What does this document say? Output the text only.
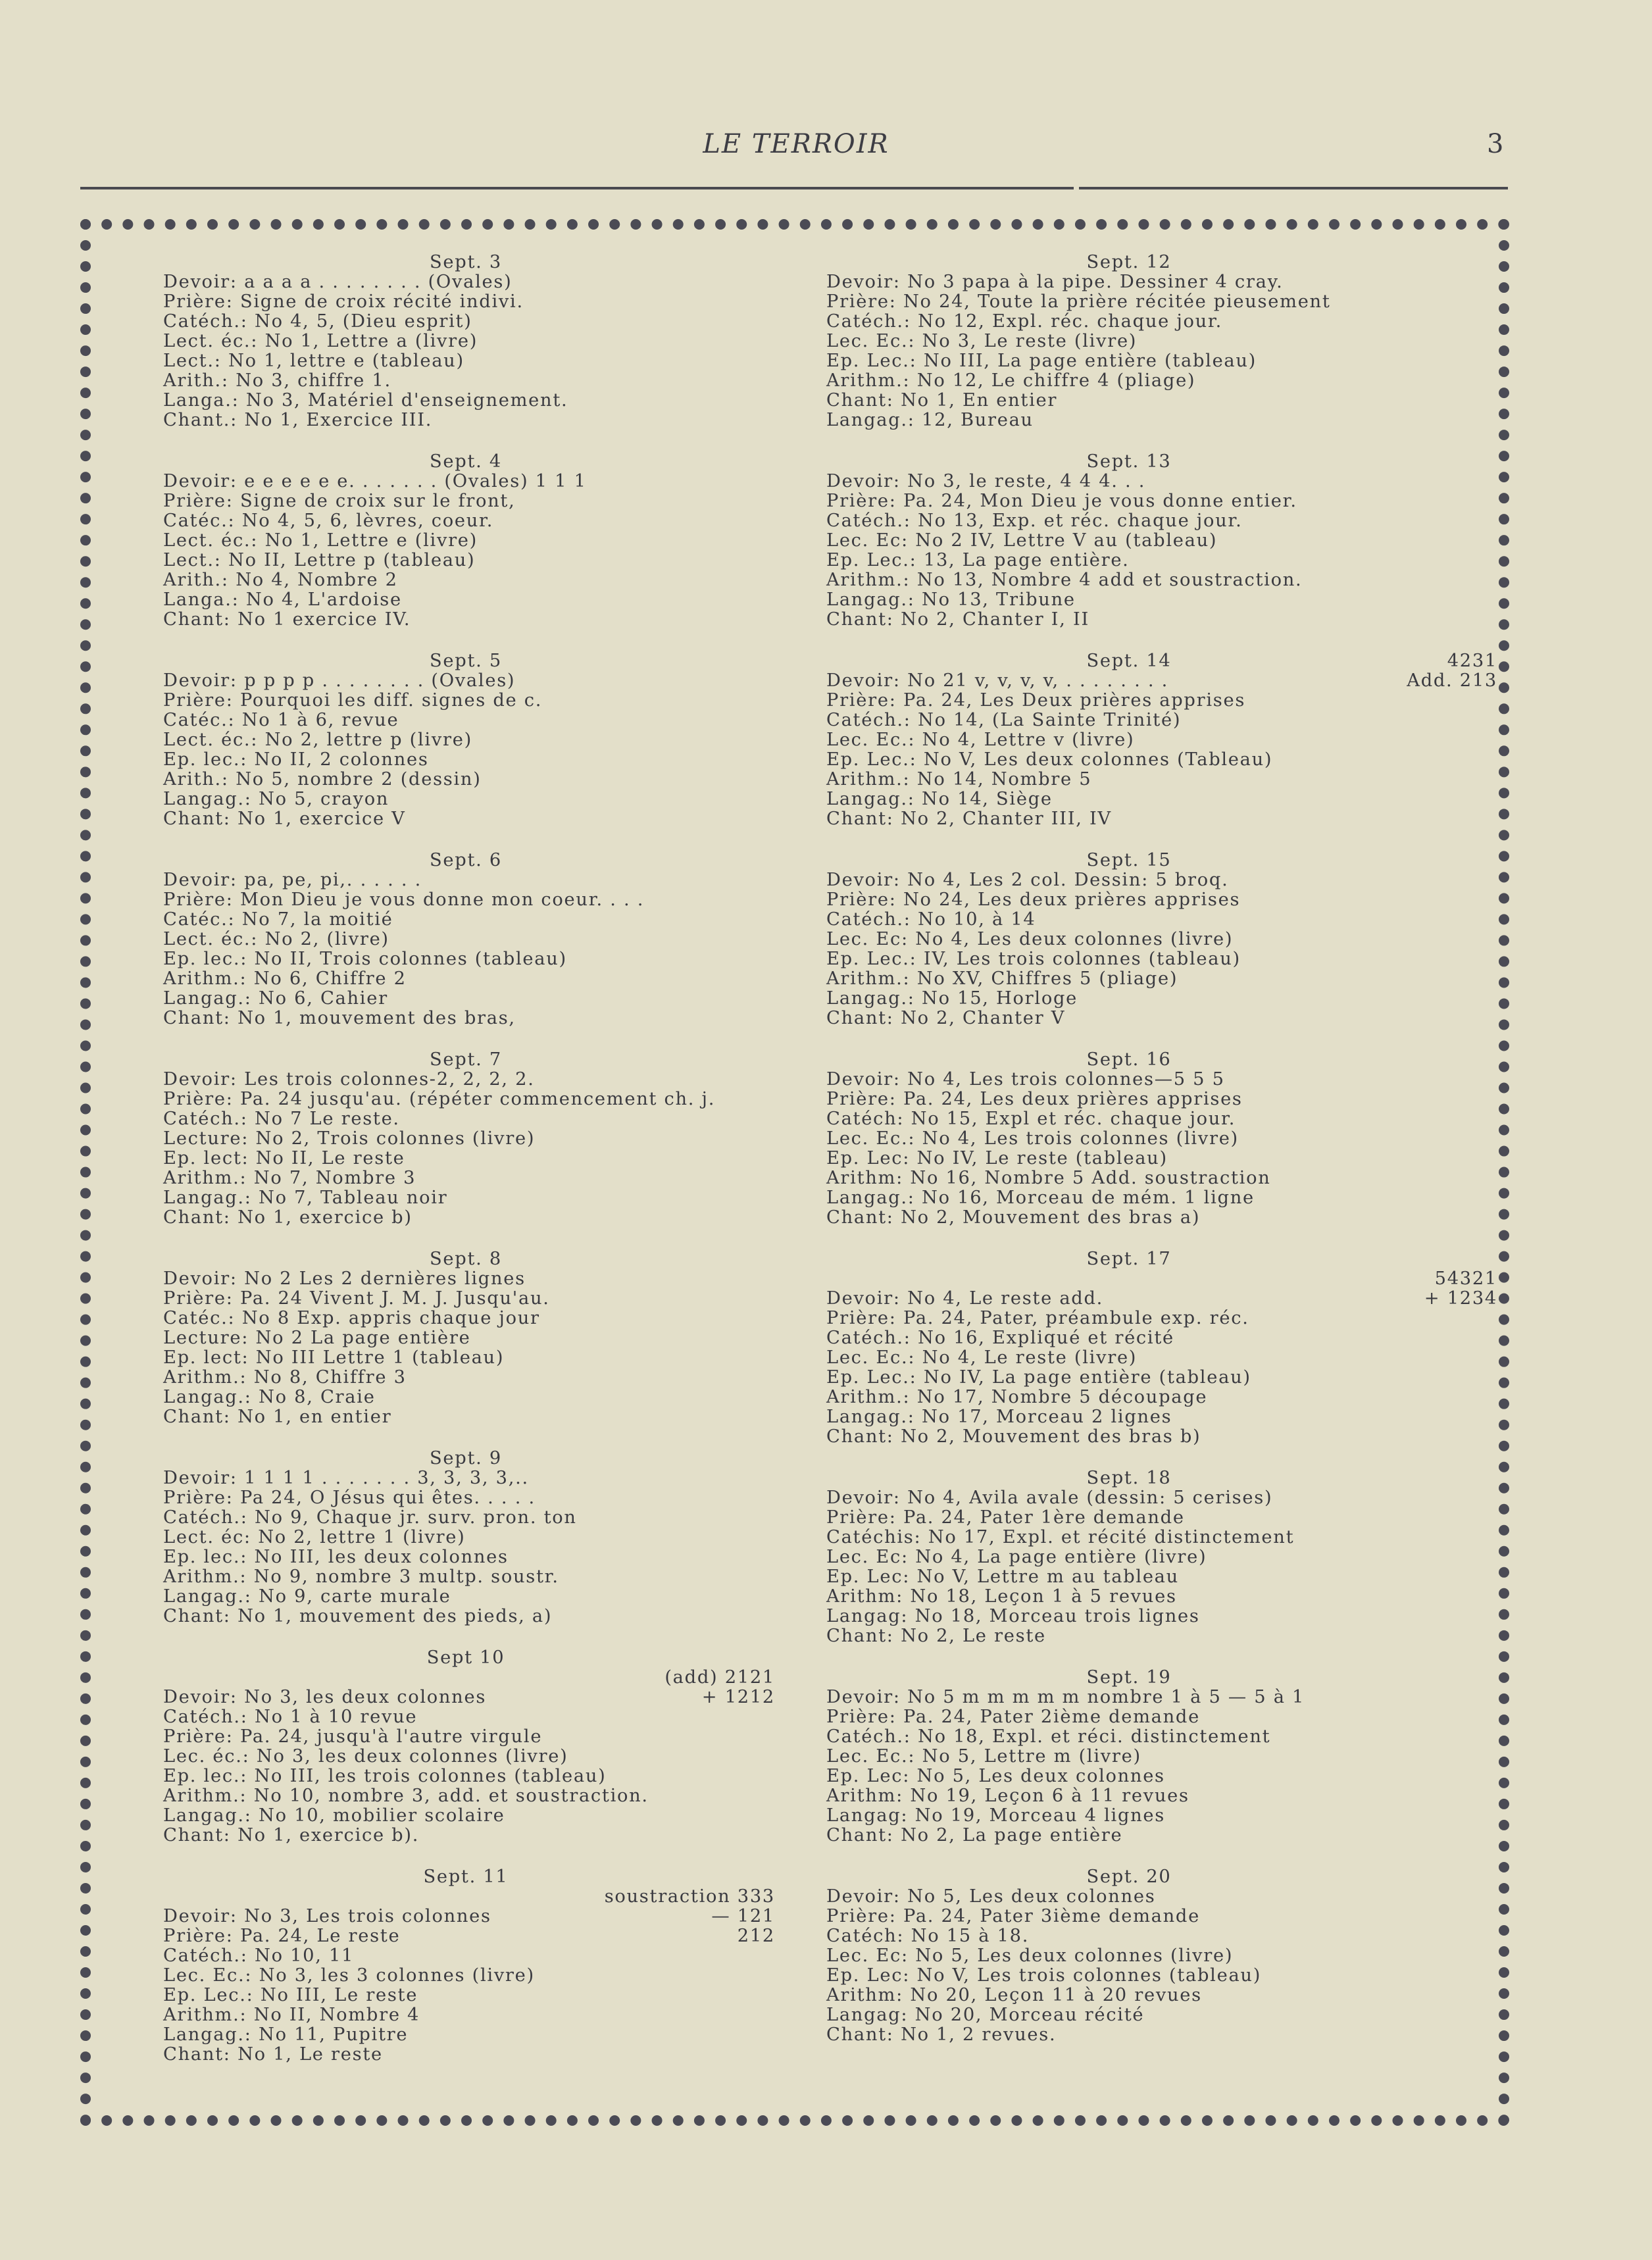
LE TERROIR	3
Sept. 3
Devoir: a a a a . . . . . . . . (Ovales)
Prière: Signe de croix récité indivi.
Catéch.: No 4, 5, (Dieu esprit)
Lect. éc.: No 1, Lettre a (livre)
Lect.: No 1, lettre e (tableau)
Arith.: No 3, chiffre 1.
Langa.: No 3, Matériel d'enseignement.
Chant.: No 1, Exercice III.
Sept. 4
Devoir: e e e e e e. . . . . . . (Ovales) 1 1 1
Prière: Signe de croix sur le front,
Catéc.: No 4, 5, 6, lèvres, coeur.
Lect. éc.: No 1, Lettre e (livre)
Lect.: No II, Lettre p (tableau)
Arith.: No 4, Nombre 2
Langa.: No 4, L'ardoise
Chant: No 1 exercice IV.
Sept. 5
Devoir: p p p p . . . . . . . . (Ovales)
Prière: Pourquoi les diff. signes de c.
Catéc.: No 1 à 6, revue
Lect. éc.: No 2, lettre p (livre)
Ep. lec.: No II, 2 colonnes
Arith.: No 5, nombre 2 (dessin)
Langag.: No 5, crayon
Chant: No 1, exercice V
Sept. 6
Devoir: pa, pe, pi,. . . . . .
Prière: Mon Dieu je vous donne mon coeur. . . .
Catéc.: No 7, la moitié
Lect. éc.: No 2, (livre)
Ep. lec.: No II, Trois colonnes (tableau)
Arithm.: No 6, Chiffre 2
Langag.: No 6, Cahier
Chant: No 1, mouvement des bras,
Sept. 7
Devoir: Les trois colonnes-2, 2, 2, 2.
Prière: Pa. 24 jusqu'au. (répéter commencement ch. j.
Catéch.: No 7 Le reste.
Lecture: No 2, Trois colonnes (livre)
Ep. lect: No II, Le reste
Arithm.: No 7, Nombre 3
Langag.: No 7, Tableau noir
Chant: No 1, exercice b)
Sept. 8
Devoir: No 2 Les 2 dernières lignes
Prière: Pa. 24 Vivent J. M. J. Jusqu'au.
Catéc.: No 8 Exp. appris chaque jour
Lecture: No 2 La page entière
Ep. lect: No III Lettre 1 (tableau)
Arithm.: No 8, Chiffre 3
Langag.: No 8, Craie
Chant: No 1, en entier
Sept. 9
Devoir: 1 1 1 1 . . . . . . . 3, 3, 3, 3,..
Prière: Pa 24, O Jésus qui êtes. . . . .
Catéch.: No 9, Chaque jr. surv. pron. ton
Lect. éc: No 2, lettre 1 (livre)
Ep. lec.: No III, les deux colonnes
Arithm.: No 9, nombre 3 multp. soustr.
Langag.: No 9, carte murale
Chant: No 1, mouvement des pieds, a)
Sept 10
(add) 2121
+ 1212
Devoir: No 3, les deux colonnes
Catéch.: No 1 à 10 revue
Prière: Pa. 24, jusqu'à l'autre virgule
Lec. éc.: No 3, les deux colonnes (livre)
Ep. lec.: No III, les trois colonnes (tableau)
Arithm.: No 10, nombre 3, add. et soustraction.
Langag.: No 10, mobilier scolaire
Chant: No 1, exercice b).
Sept. 11
soustraction 333
— 121
212
Devoir: No 3, Les trois colonnes
Prière: Pa. 24, Le reste
Catéch.: No 10, 11
Lec. Ec.: No 3, les 3 colonnes (livre)
Ep. Lec.: No III, Le reste
Arithm.: No II, Nombre 4
Langag.: No 11, Pupitre
Chant: No 1, Le reste
Sept. 12
Devoir: No 3 papa à la pipe. Dessiner 4 cray.
Prière: No 24, Toute la prière récitée pieusement
Catéch.: No 12, Expl. réc. chaque jour.
Lec. Ec.: No 3, Le reste (livre)
Ep. Lec.: No III, La page entière (tableau)
Arithm.: No 12, Le chiffre 4 (pliage)
Chant: No 1, En entier
Langag.: 12, Bureau
Sept. 13
Devoir: No 3, le reste, 4 4 4. . .
Prière: Pa. 24, Mon Dieu je vous donne entier.
Catéch.: No 13, Exp. et réc. chaque jour.
Lec. Ec: No 2 IV, Lettre V au (tableau)
Ep. Lec.: 13, La page entière.
Arithm.: No 13, Nombre 4 add et soustraction.
Langag.: No 13, Tribune
Chant: No 2, Chanter I, II
Sept. 14	4231
Add. 213
Devoir: No 21 v, v, v, v, . . . . . . . .
Prière: Pa. 24, Les Deux prières apprises
Catéch.: No 14, (La Sainte Trinité)
Lec. Ec.: No 4, Lettre v (livre)
Ep. Lec.: No V, Les deux colonnes (Tableau)
Arithm.: No 14, Nombre 5
Langag.: No 14, Siège
Chant: No 2, Chanter III, IV
Sept. 15
Devoir: No 4, Les 2 col. Dessin: 5 broq.
Prière: No 24, Les deux prières apprises
Catéch.: No 10, à 14
Lec. Ec: No 4, Les deux colonnes (livre)
Ep. Lec.: IV, Les trois colonnes (tableau)
Arithm.: No XV, Chiffres 5 (pliage)
Langag.: No 15, Horloge
Chant: No 2, Chanter V
Sept. 16
Devoir: No 4, Les trois colonnes—5 5 5
Prière: Pa. 24, Les deux prières apprises
Catéch: No 15, Expl et réc. chaque jour.
Lec. Ec.: No 4, Les trois colonnes (livre)
Ep. Lec: No IV, Le reste (tableau)
Arithm: No 16, Nombre 5 Add. soustraction
Langag.: No 16, Morceau de mém. 1 ligne
Chant: No 2, Mouvement des bras a)
Sept. 17
54321
+ 1234
Devoir: No 4, Le reste add.
Prière: Pa. 24, Pater, préambule exp. réc.
Catéch.: No 16, Expliqué et récité
Lec. Ec.: No 4, Le reste (livre)
Ep. Lec.: No IV, La page entière (tableau)
Arithm.: No 17, Nombre 5 découpage
Langag.: No 17, Morceau 2 lignes
Chant: No 2, Mouvement des bras b)
Sept. 18
Devoir: No 4, Avila avale (dessin: 5 cerises)
Prière: Pa. 24, Pater 1ère demande
Catéchis: No 17, Expl. et récité distinctement
Lec. Ec: No 4, La page entière (livre)
Ep. Lec: No V, Lettre m au tableau
Arithm: No 18, Leçon 1 à 5 revues
Langag: No 18, Morceau trois lignes
Chant: No 2, Le reste
Sept. 19
Devoir: No 5 m m m m m nombre 1 à 5 — 5 à 1
Prière: Pa. 24, Pater 2ième demande
Catéch.: No 18, Expl. et réci. distinctement
Lec. Ec.: No 5, Lettre m (livre)
Ep. Lec: No 5, Les deux colonnes
Arithm: No 19, Leçon 6 à 11 revues
Langag: No 19, Morceau 4 lignes
Chant: No 2, La page entière
Sept. 20
Devoir: No 5, Les deux colonnes
Prière: Pa. 24, Pater 3ième demande
Catéch: No 15 à 18.
Lec. Ec: No 5, Les deux colonnes (livre)
Ep. Lec: No V, Les trois colonnes (tableau)
Arithm: No 20, Leçon 11 à 20 revues
Langag: No 20, Morceau récité
Chant: No 1, 2 revues.
